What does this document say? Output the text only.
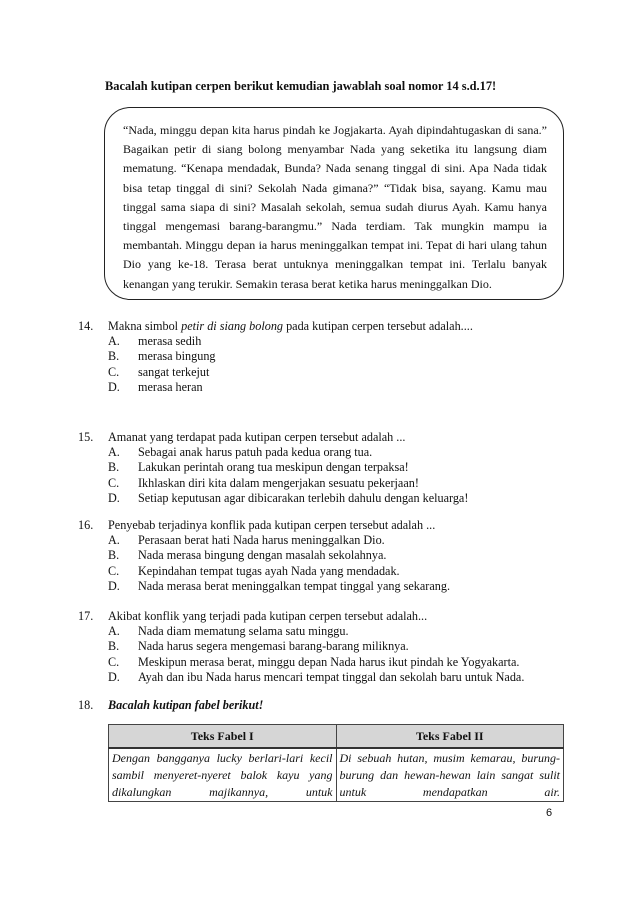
Bacalah kutipan cerpen berikut kemudian jawablah soal nomor 14 s.d.17!

“Nada, minggu depan kita harus pindah ke Jogjakarta. Ayah dipindahtugaskan di sana.” Bagaikan petir di siang bolong menyambar Nada yang seketika itu langsung diam mematung. “Kenapa mendadak, Bunda? Nada senang tinggal di sini. Apa Nada tidak bisa tetap tinggal di sini? Sekolah Nada gimana?” “Tidak bisa, sayang. Kamu mau tinggal sama siapa di sini? Masalah sekolah, semua sudah diurus Ayah. Kamu hanya tinggal mengemasi barang-barangmu.” Nada terdiam. Tak mungkin mampu ia membantah. Minggu depan ia harus meninggalkan tempat ini. Tepat di hari ulang tahun Dio yang ke-18. Terasa berat untuknya meninggalkan tempat ini. Terlalu banyak kenangan yang terukir. Semakin terasa berat ketika harus meninggalkan Dio.

14.	Makna simbol petir di siang bolong pada kutipan cerpen tersebut adalah....
A.	merasa sedih
B.	merasa bingung
C.	sangat terkejut
D.	merasa heran
15.	Amanat yang terdapat pada kutipan cerpen tersebut adalah ...
A.	Sebagai anak harus patuh pada kedua orang tua.
B.	Lakukan perintah orang tua meskipun dengan terpaksa!
C.	Ikhlaskan diri kita dalam mengerjakan sesuatu pekerjaan!
D.	Setiap keputusan agar dibicarakan terlebih dahulu dengan keluarga!
16.	Penyebab terjadinya konflik pada kutipan cerpen tersebut adalah ...
A.	Perasaan berat hati Nada harus meninggalkan Dio.
B.	Nada merasa bingung dengan masalah sekolahnya.
C.	Kepindahan tempat tugas ayah Nada yang mendadak.
D.	Nada merasa berat meninggalkan tempat tinggal yang sekarang.
17.	Akibat konflik yang terjadi pada kutipan cerpen tersebut adalah...
A.	Nada diam mematung selama satu minggu.
B.	Nada harus segera mengemasi barang-barang miliknya.
C.	Meskipun merasa berat, minggu depan Nada harus ikut pindah ke Yogyakarta.
D.	Ayah dan ibu Nada harus mencari tempat tinggal dan sekolah baru untuk Nada.
18.	Bacalah kutipan fabel berikut!
Teks Fabel I	Teks Fabel II
Dengan bangganya lucky berlari-lari kecil sambil menyeret-nyeret balok kayu yang dikalungkan majikannya, untuk	Di sebuah hutan, musim kemarau, burung-burung dan hewan-hewan lain sangat sulit untuk mendapatkan air.
6
